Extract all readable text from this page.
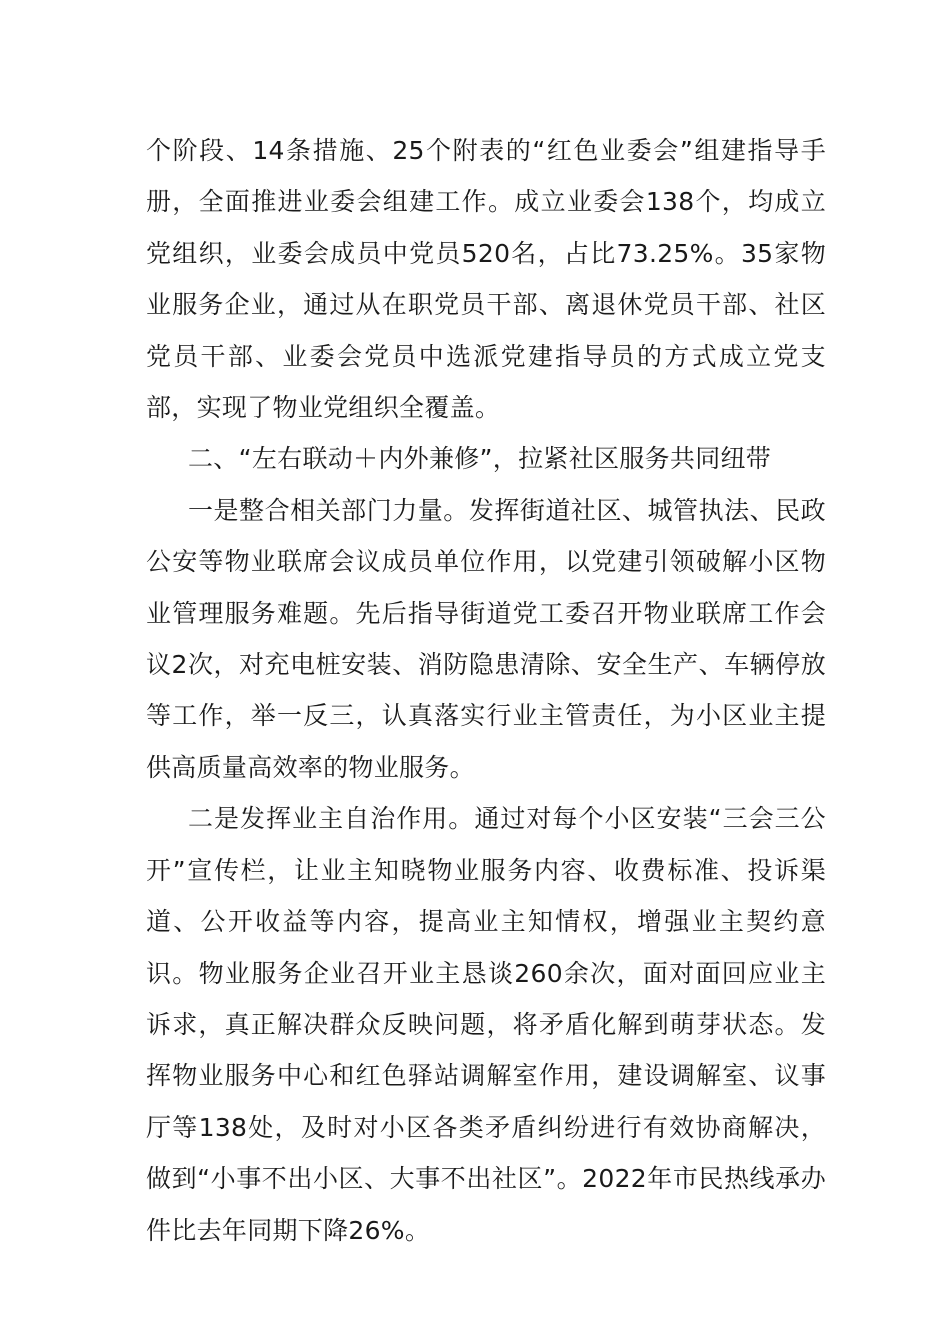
个阶段、14条措施、25个附表的“红色业委会”组建指导手册，全面推进业委会组建工作。成立业委会138个，均成立党组织，业委会成员中党员520名，占比73.25%。35家物业服务企业，通过从在职党员干部、离退休党员干部、社区党员干部、业委会党员中选派党建指导员的方式成立党支部，实现了物业党组织全覆盖。

二、“左右联动＋内外兼修”，拉紧社区服务共同纽带

一是整合相关部门力量。发挥街道社区、城管执法、民政公安等物业联席会议成员单位作用，以党建引领破解小区物业管理服务难题。先后指导街道党工委召开物业联席工作会议2次，对充电桩安装、消防隐患清除、安全生产、车辆停放等工作，举一反三，认真落实行业主管责任，为小区业主提供高质量高效率的物业服务。

二是发挥业主自治作用。通过对每个小区安装“三会三公开”宣传栏，让业主知晓物业服务内容、收费标准、投诉渠道、公开收益等内容，提高业主知情权，增强业主契约意识。物业服务企业召开业主恳谈260余次，面对面回应业主诉求，真正解决群众反映问题，将矛盾化解到萌芽状态。发挥物业服务中心和红色驿站调解室作用，建设调解室、议事厅等138处，及时对小区各类矛盾纠纷进行有效协商解决，做到“小事不出小区、大事不出社区”。2022年市民热线承办件比去年同期下降26%。
